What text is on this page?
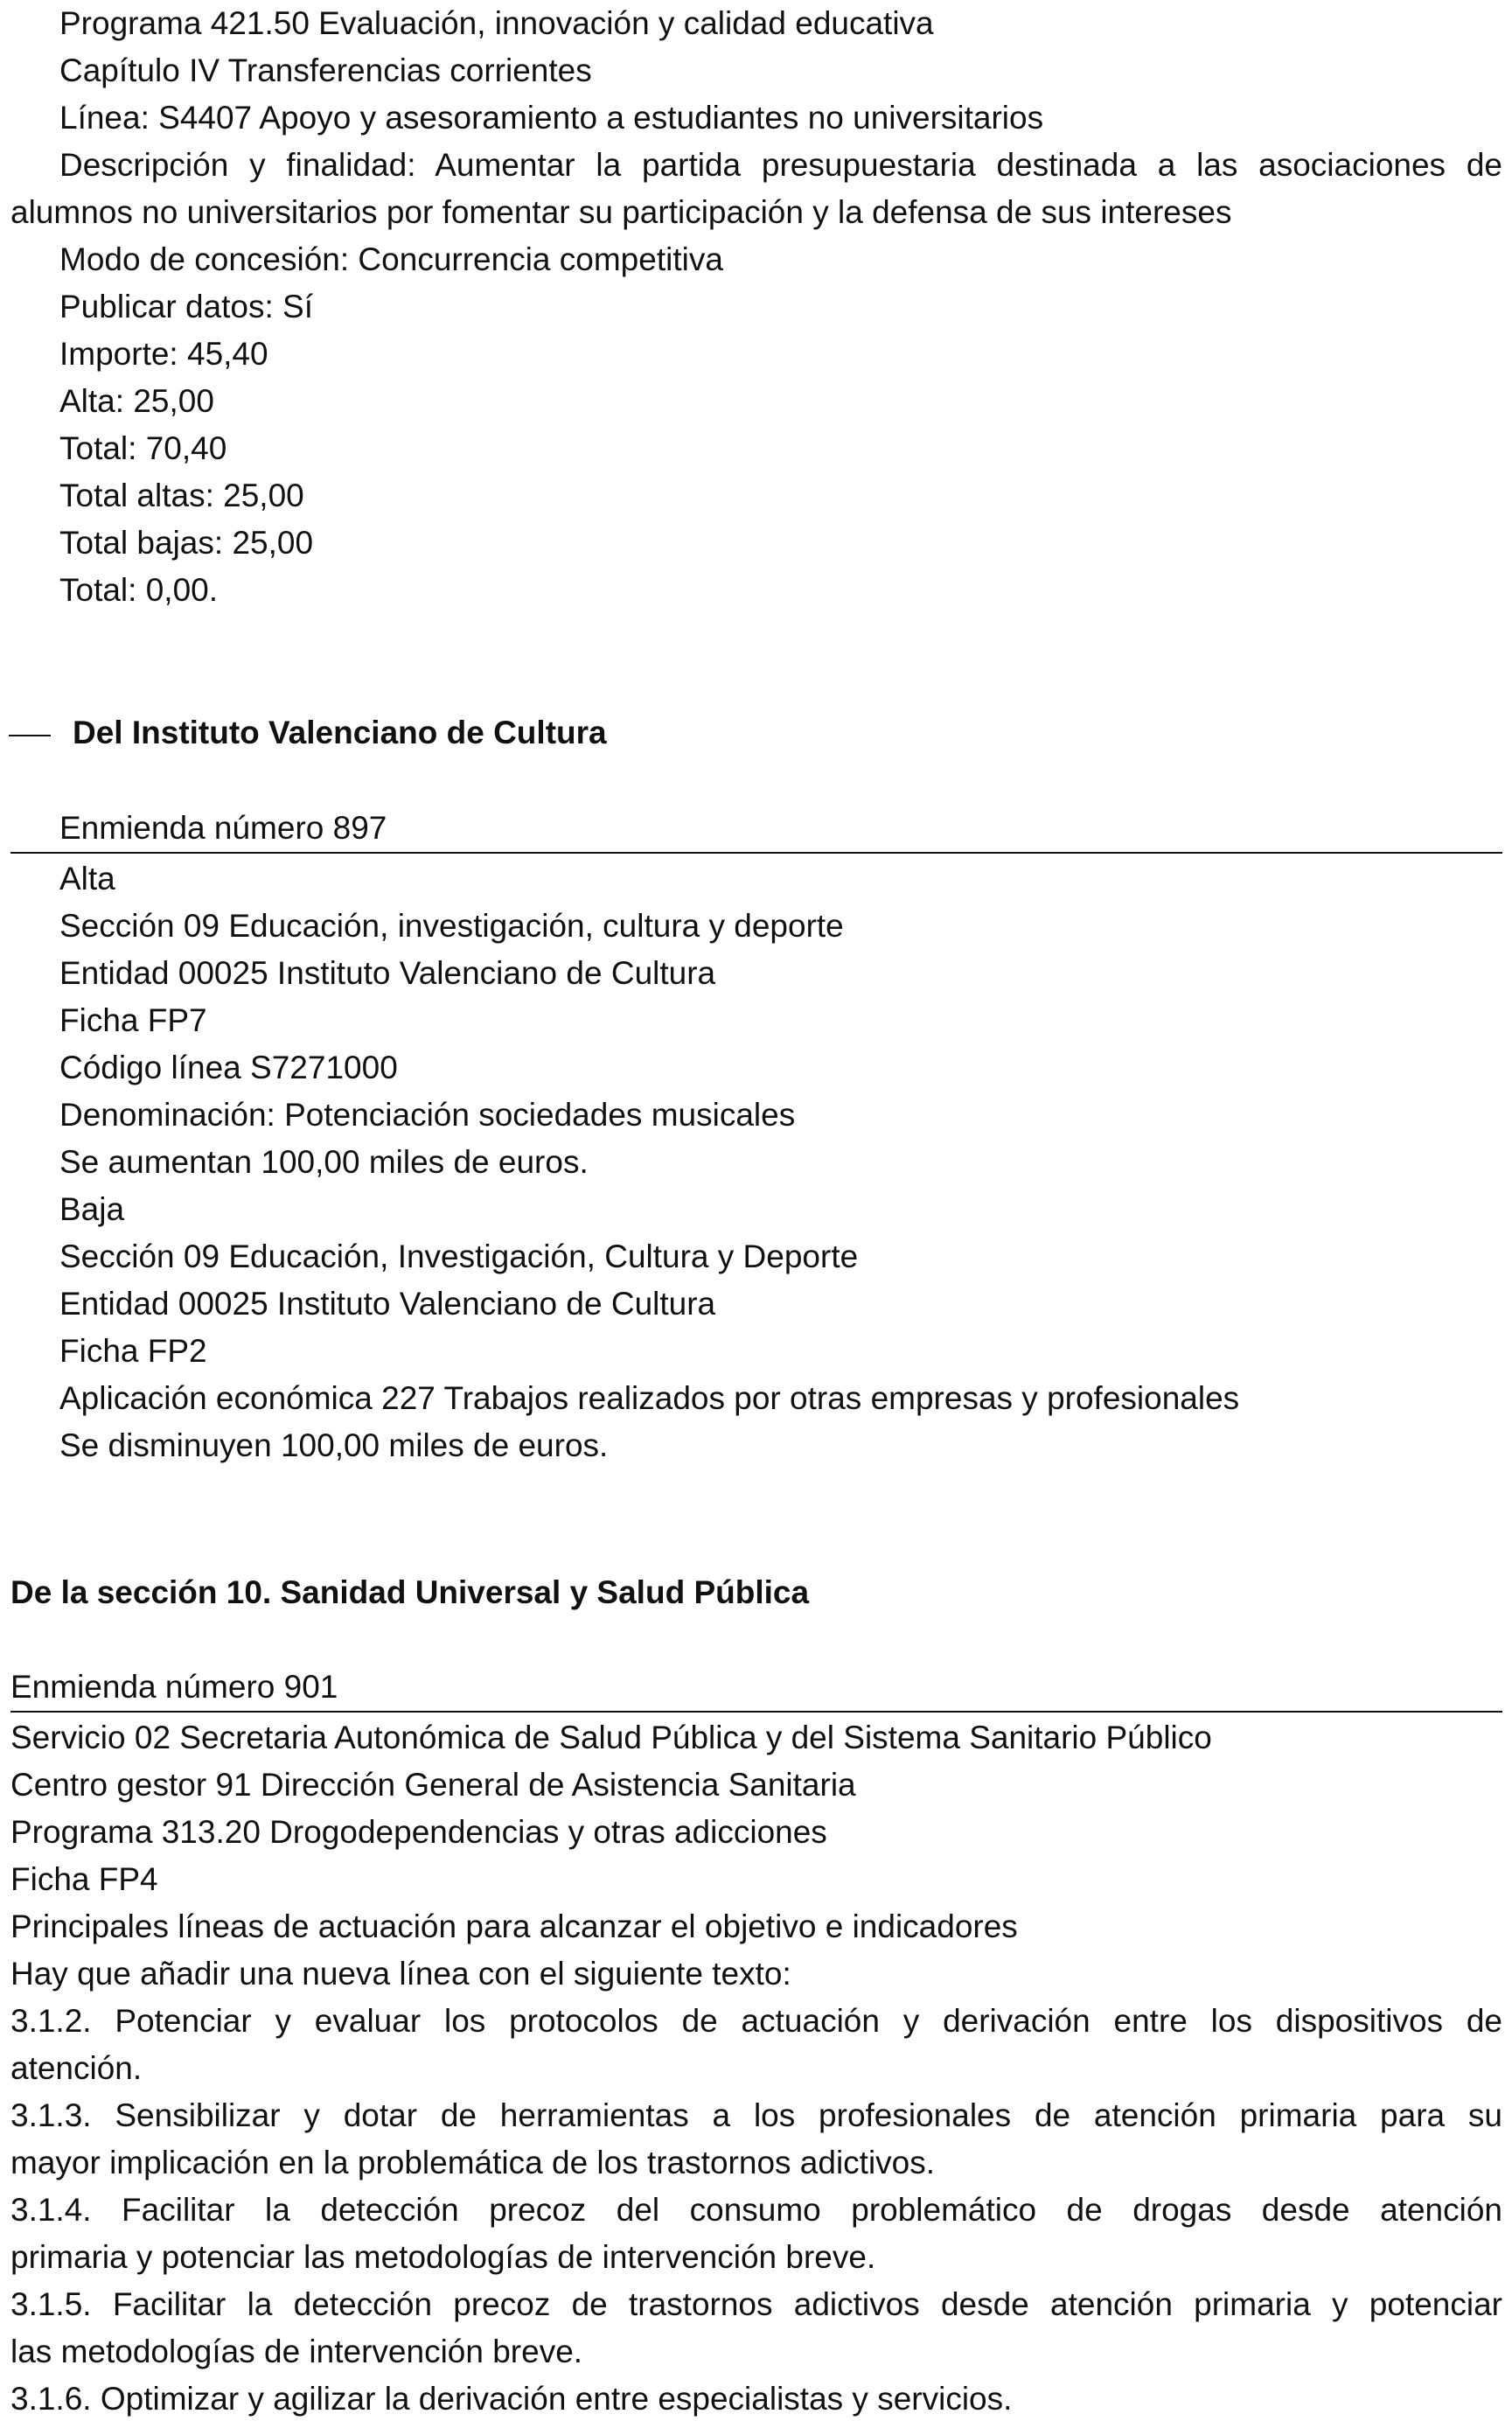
Programa 421.50 Evaluación, innovación y calidad educativa
Capítulo IV Transferencias corrientes
Línea: S4407 Apoyo y asesoramiento a estudiantes no universitarios
Descripción y finalidad: Aumentar la partida presupuestaria destinada a las asociaciones de
alumnos no universitarios por fomentar su participación y la defensa de sus intereses
Modo de concesión: Concurrencia competitiva
Publicar datos: Sí
Importe: 45,40
Alta: 25,00
Total: 70,40
Total altas: 25,00
Total bajas: 25,00
Total: 0,00.
Del Instituto Valenciano de Cultura
Enmienda número 897
Alta
Sección 09 Educación, investigación, cultura y deporte
Entidad 00025 Instituto Valenciano de Cultura
Ficha FP7
Código línea S7271000
Denominación: Potenciación sociedades musicales
Se aumentan 100,00 miles de euros.
Baja
Sección 09 Educación, Investigación, Cultura y Deporte
Entidad 00025 Instituto Valenciano de Cultura
Ficha FP2
Aplicación económica 227 Trabajos realizados por otras empresas y profesionales
Se disminuyen 100,00 miles de euros.
De la sección 10. Sanidad Universal y Salud Pública
Enmienda número 901
Servicio 02 Secretaria Autonómica de Salud Pública y del Sistema Sanitario Público
Centro gestor 91 Dirección General de Asistencia Sanitaria
Programa 313.20 Drogodependencias y otras adicciones
Ficha FP4
Principales líneas de actuación para alcanzar el objetivo e indicadores
Hay que añadir una nueva línea con el siguiente texto:
3.1.2. Potenciar y evaluar los protocolos de actuación y derivación entre los dispositivos de
atención.
3.1.3. Sensibilizar y dotar de herramientas a los profesionales de atención primaria para su
mayor implicación en la problemática de los trastornos adictivos.
3.1.4. Facilitar la detección precoz del consumo problemático de drogas desde atención
primaria y potenciar las metodologías de intervención breve.
3.1.5. Facilitar la detección precoz de trastornos adictivos desde atención primaria y potenciar
las metodologías de intervención breve.
3.1.6. Optimizar y agilizar la derivación entre especialistas y servicios.
